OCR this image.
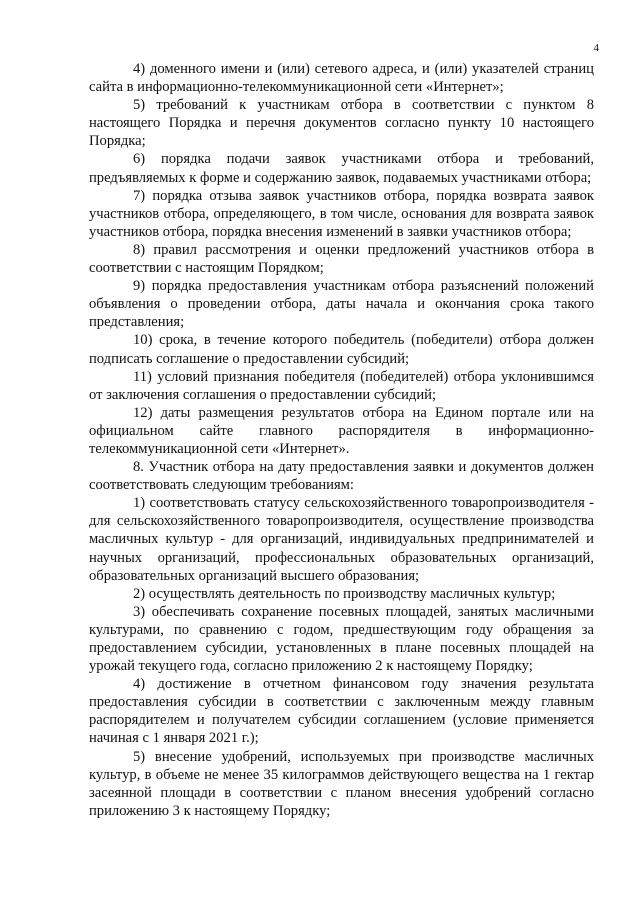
4

4) доменного имени и (или) сетевого адреса, и (или) указателей страниц сайта в информационно-телекоммуникационной сети «Интернет»;

5) требований к участникам отбора в соответствии с пунктом 8 настоящего Порядка и перечня документов согласно пункту 10 настоящего Порядка;

6) порядка подачи заявок участниками отбора и требований, предъявляемых к форме и содержанию заявок, подаваемых участниками отбора;

7) порядка отзыва заявок участников отбора, порядка возврата заявок участников отбора, определяющего, в том числе, основания для возврата заявок участников отбора, порядка внесения изменений в заявки участников отбора;

8) правил рассмотрения и оценки предложений участников отбора в соответствии с настоящим Порядком;

9) порядка предоставления участникам отбора разъяснений положений объявления о проведении отбора, даты начала и окончания срока такого представления;

10) срока, в течение которого победитель (победители) отбора должен подписать соглашение о предоставлении субсидий;

11) условий признания победителя (победителей) отбора уклонившимся от заключения соглашения о предоставлении субсидий;

12) даты размещения результатов отбора на Едином портале или на официальном сайте главного распорядителя в информационно-телекоммуникационной сети «Интернет».

8. Участник отбора на дату предоставления заявки и документов должен соответствовать следующим требованиям:

1) соответствовать статусу сельскохозяйственного товаропроизводителя - для сельскохозяйственного товаропроизводителя, осуществление производства масличных культур - для организаций, индивидуальных предпринимателей и научных организаций, профессиональных образовательных организаций, образовательных организаций высшего образования;

2) осуществлять деятельность по производству масличных культур;

3) обеспечивать сохранение посевных площадей, занятых масличными культурами, по сравнению с годом, предшествующим году обращения за предоставлением субсидии, установленных в плане посевных площадей на урожай текущего года, согласно приложению 2 к настоящему Порядку;

4) достижение в отчетном финансовом году значения результата предоставления субсидии в соответствии с заключенным между главным распорядителем и получателем субсидии соглашением (условие применяется начиная с 1 января 2021 г.);

5) внесение удобрений, используемых при производстве масличных культур, в объеме не менее 35 килограммов действующего вещества на 1 гектар засеянной площади в соответствии с планом внесения удобрений согласно приложению 3 к настоящему Порядку;
